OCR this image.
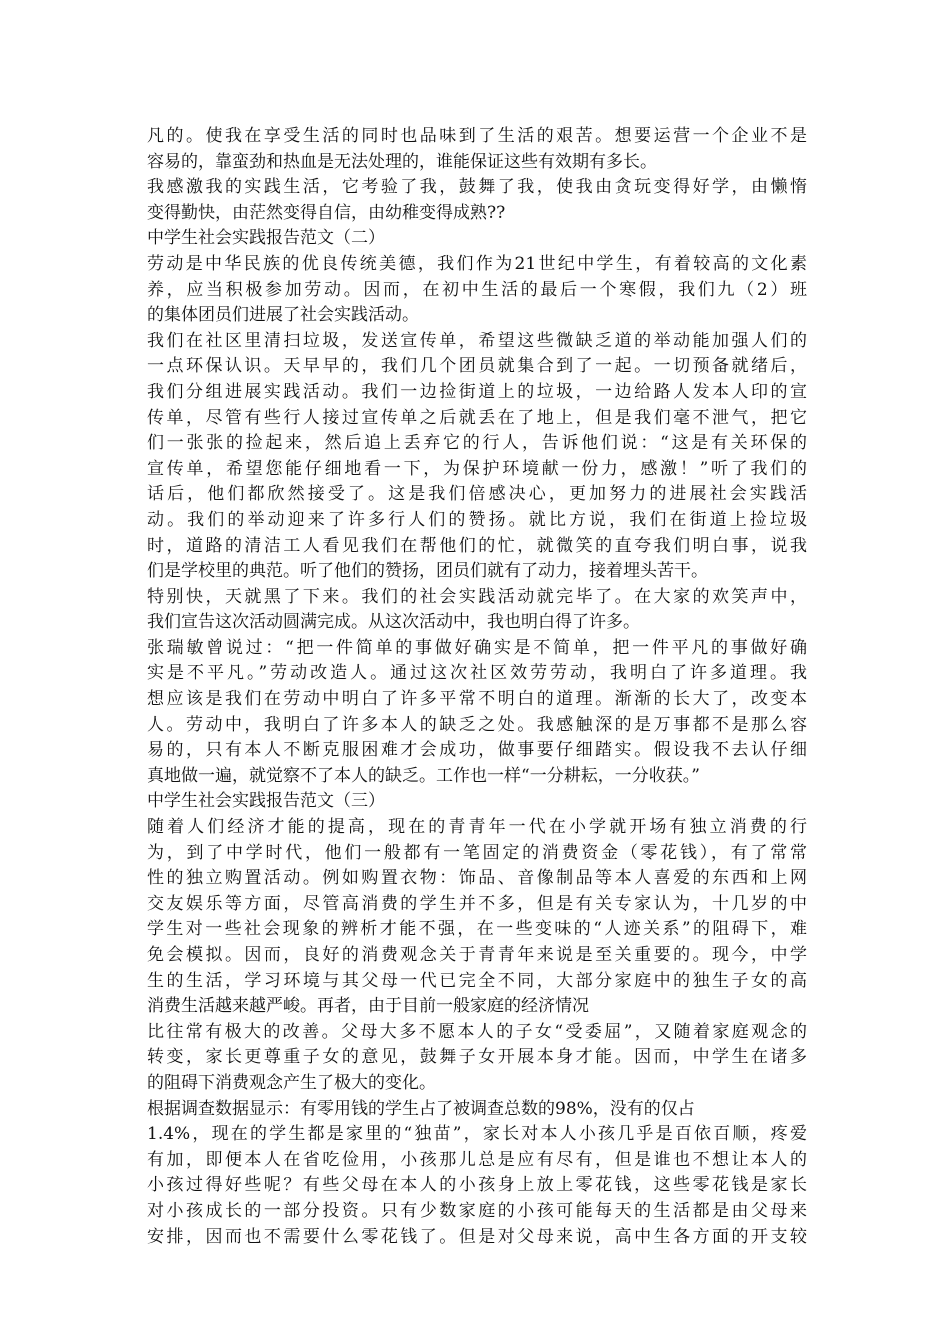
凡的。使我在享受生活的同时也品味到了生活的艰苦。想要运营一个企业不是
容易的，靠蛮劲和热血是无法处理的，谁能保证这些有效期有多长。
我感激我的实践生活，它考验了我，鼓舞了我，使我由贪玩变得好学，由懒惰
变得勤快，由茫然变得自信，由幼稚变得成熟??
中学生社会实践报告范文（二）
劳动是中华民族的优良传统美德，我们作为21世纪中学生，有着较高的文化素
养，应当积极参加劳动。因而，在初中生活的最后一个寒假，我们九（2）班
的集体团员们进展了社会实践活动。
我们在社区里清扫垃圾，发送宣传单，希望这些微缺乏道的举动能加强人们的
一点环保认识。天早早的，我们几个团员就集合到了一起。一切预备就绪后，
我们分组进展实践活动。我们一边捡街道上的垃圾，一边给路人发本人印的宣
传单，尽管有些行人接过宣传单之后就丢在了地上，但是我们毫不泄气，把它
们一张张的捡起来，然后追上丢弃它的行人，告诉他们说：“这是有关环保的
宣传单，希望您能仔细地看一下，为保护环境献一份力，感激！”听了我们的
话后，他们都欣然接受了。这是我们倍感决心，更加努力的进展社会实践活
动。我们的举动迎来了许多行人们的赞扬。就比方说，我们在街道上捡垃圾
时，道路的清洁工人看见我们在帮他们的忙，就微笑的直夸我们明白事，说我
们是学校里的典范。听了他们的赞扬，团员们就有了动力，接着埋头苦干。
特别快，天就黑了下来。我们的社会实践活动就完毕了。在大家的欢笑声中，
我们宣告这次活动圆满完成。从这次活动中，我也明白得了许多。
张瑞敏曾说过：“把一件简单的事做好确实是不简单，把一件平凡的事做好确
实是不平凡。”劳动改造人。通过这次社区效劳劳动，我明白了许多道理。我
想应该是我们在劳动中明白了许多平常不明白的道理。渐渐的长大了，改变本
人。劳动中，我明白了许多本人的缺乏之处。我感触深的是万事都不是那么容
易的，只有本人不断克服困难才会成功，做事要仔细踏实。假设我不去认仔细
真地做一遍，就觉察不了本人的缺乏。工作也一样“一分耕耘，一分收获。”
中学生社会实践报告范文（三）
随着人们经济才能的提高，现在的青青年一代在小学就开场有独立消费的行
为，到了中学时代，他们一般都有一笔固定的消费资金（零花钱），有了常常
性的独立购置活动。例如购置衣物：饰品、音像制品等本人喜爱的东西和上网
交友娱乐等方面，尽管高消费的学生并不多，但是有关专家认为，十几岁的中
学生对一些社会现象的辨析才能不强，在一些变味的“人迹关系”的阻碍下，难
免会模拟。因而，良好的消费观念关于青青年来说是至关重要的。现今，中学
生的生活，学习环境与其父母一代已完全不同，大部分家庭中的独生子女的高
消费生活越来越严峻。再者，由于目前一般家庭的经济情况
比往常有极大的改善。父母大多不愿本人的子女“受委屈”，又随着家庭观念的
转变，家长更尊重子女的意见，鼓舞子女开展本身才能。因而，中学生在诸多
的阻碍下消费观念产生了极大的变化。
根据调查数据显示：有零用钱的学生占了被调查总数的98%，没有的仅占
1.4%，现在的学生都是家里的“独苗”，家长对本人小孩几乎是百依百顺，疼爱
有加，即便本人在省吃俭用，小孩那儿总是应有尽有，但是谁也不想让本人的
小孩过得好些呢？有些父母在本人的小孩身上放上零花钱，这些零花钱是家长
对小孩成长的一部分投资。只有少数家庭的小孩可能每天的生活都是由父母来
安排，因而也不需要什么零花钱了。但是对父母来说，高中生各方面的开支较
